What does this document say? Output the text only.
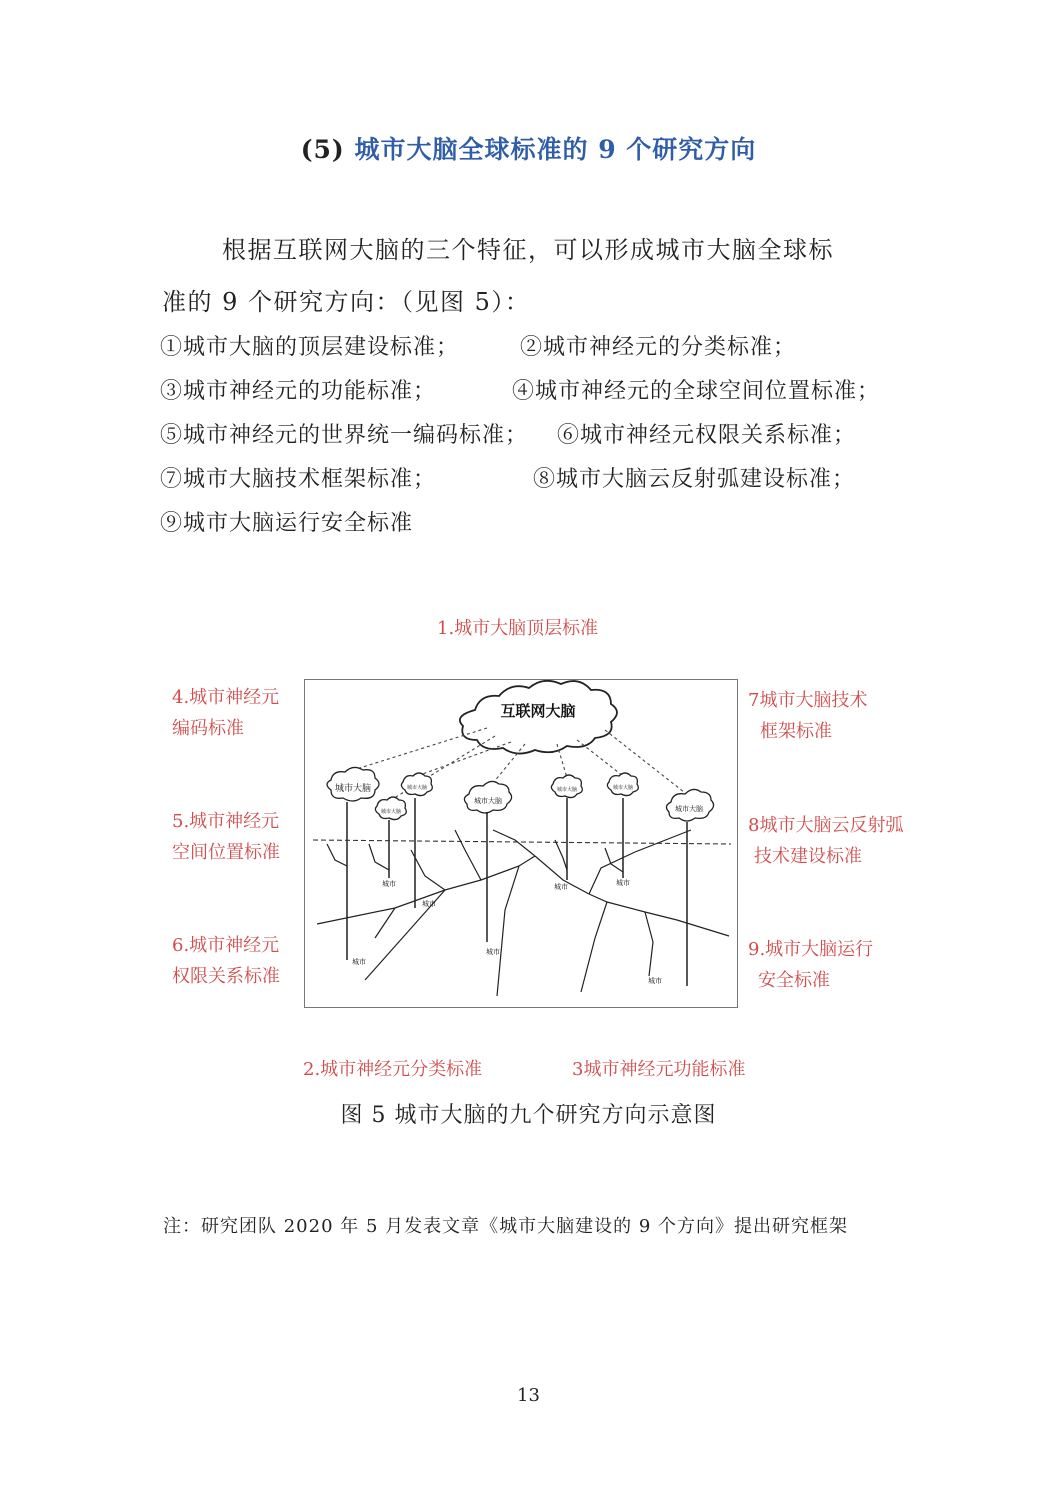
(5) 城市大脑全球标准的 9 个研究方向
根据互联网大脑的三个特征，可以形成城市大脑全球标
准的 9 个研究方向：（见图 5）：
①城市大脑的顶层建设标准；	②城市神经元的分类标准；
③城市神经元的功能标准；	④城市神经元的全球空间位置标准；
⑤城市神经元的世界统一编码标准； ⑥城市神经元权限关系标准；
⑦城市大脑技术框架标准；	⑧城市大脑云反射弧建设标准；
⑨城市大脑运行安全标准
1.城市大脑顶层标准
4.城市神经元
编码标准
5.城市神经元
空间位置标准
6.城市神经元
权限关系标准
7城市大脑技术
框架标准
8城市大脑云反射弧
技术建设标准
9.城市大脑运行
安全标准
互联网大脑
城市大脑
城市大脑
城市大脑
城市大脑
城市大脑	城市大脑
城市大脑
城市
城市
城市
城市
城市	城市
城市
2.城市神经元分类标准	3城市神经元功能标准
图 5 城市大脑的九个研究方向示意图
注：研究团队 2020 年 5 月发表文章《城市大脑建设的 9 个方向》提出研究框架
13
